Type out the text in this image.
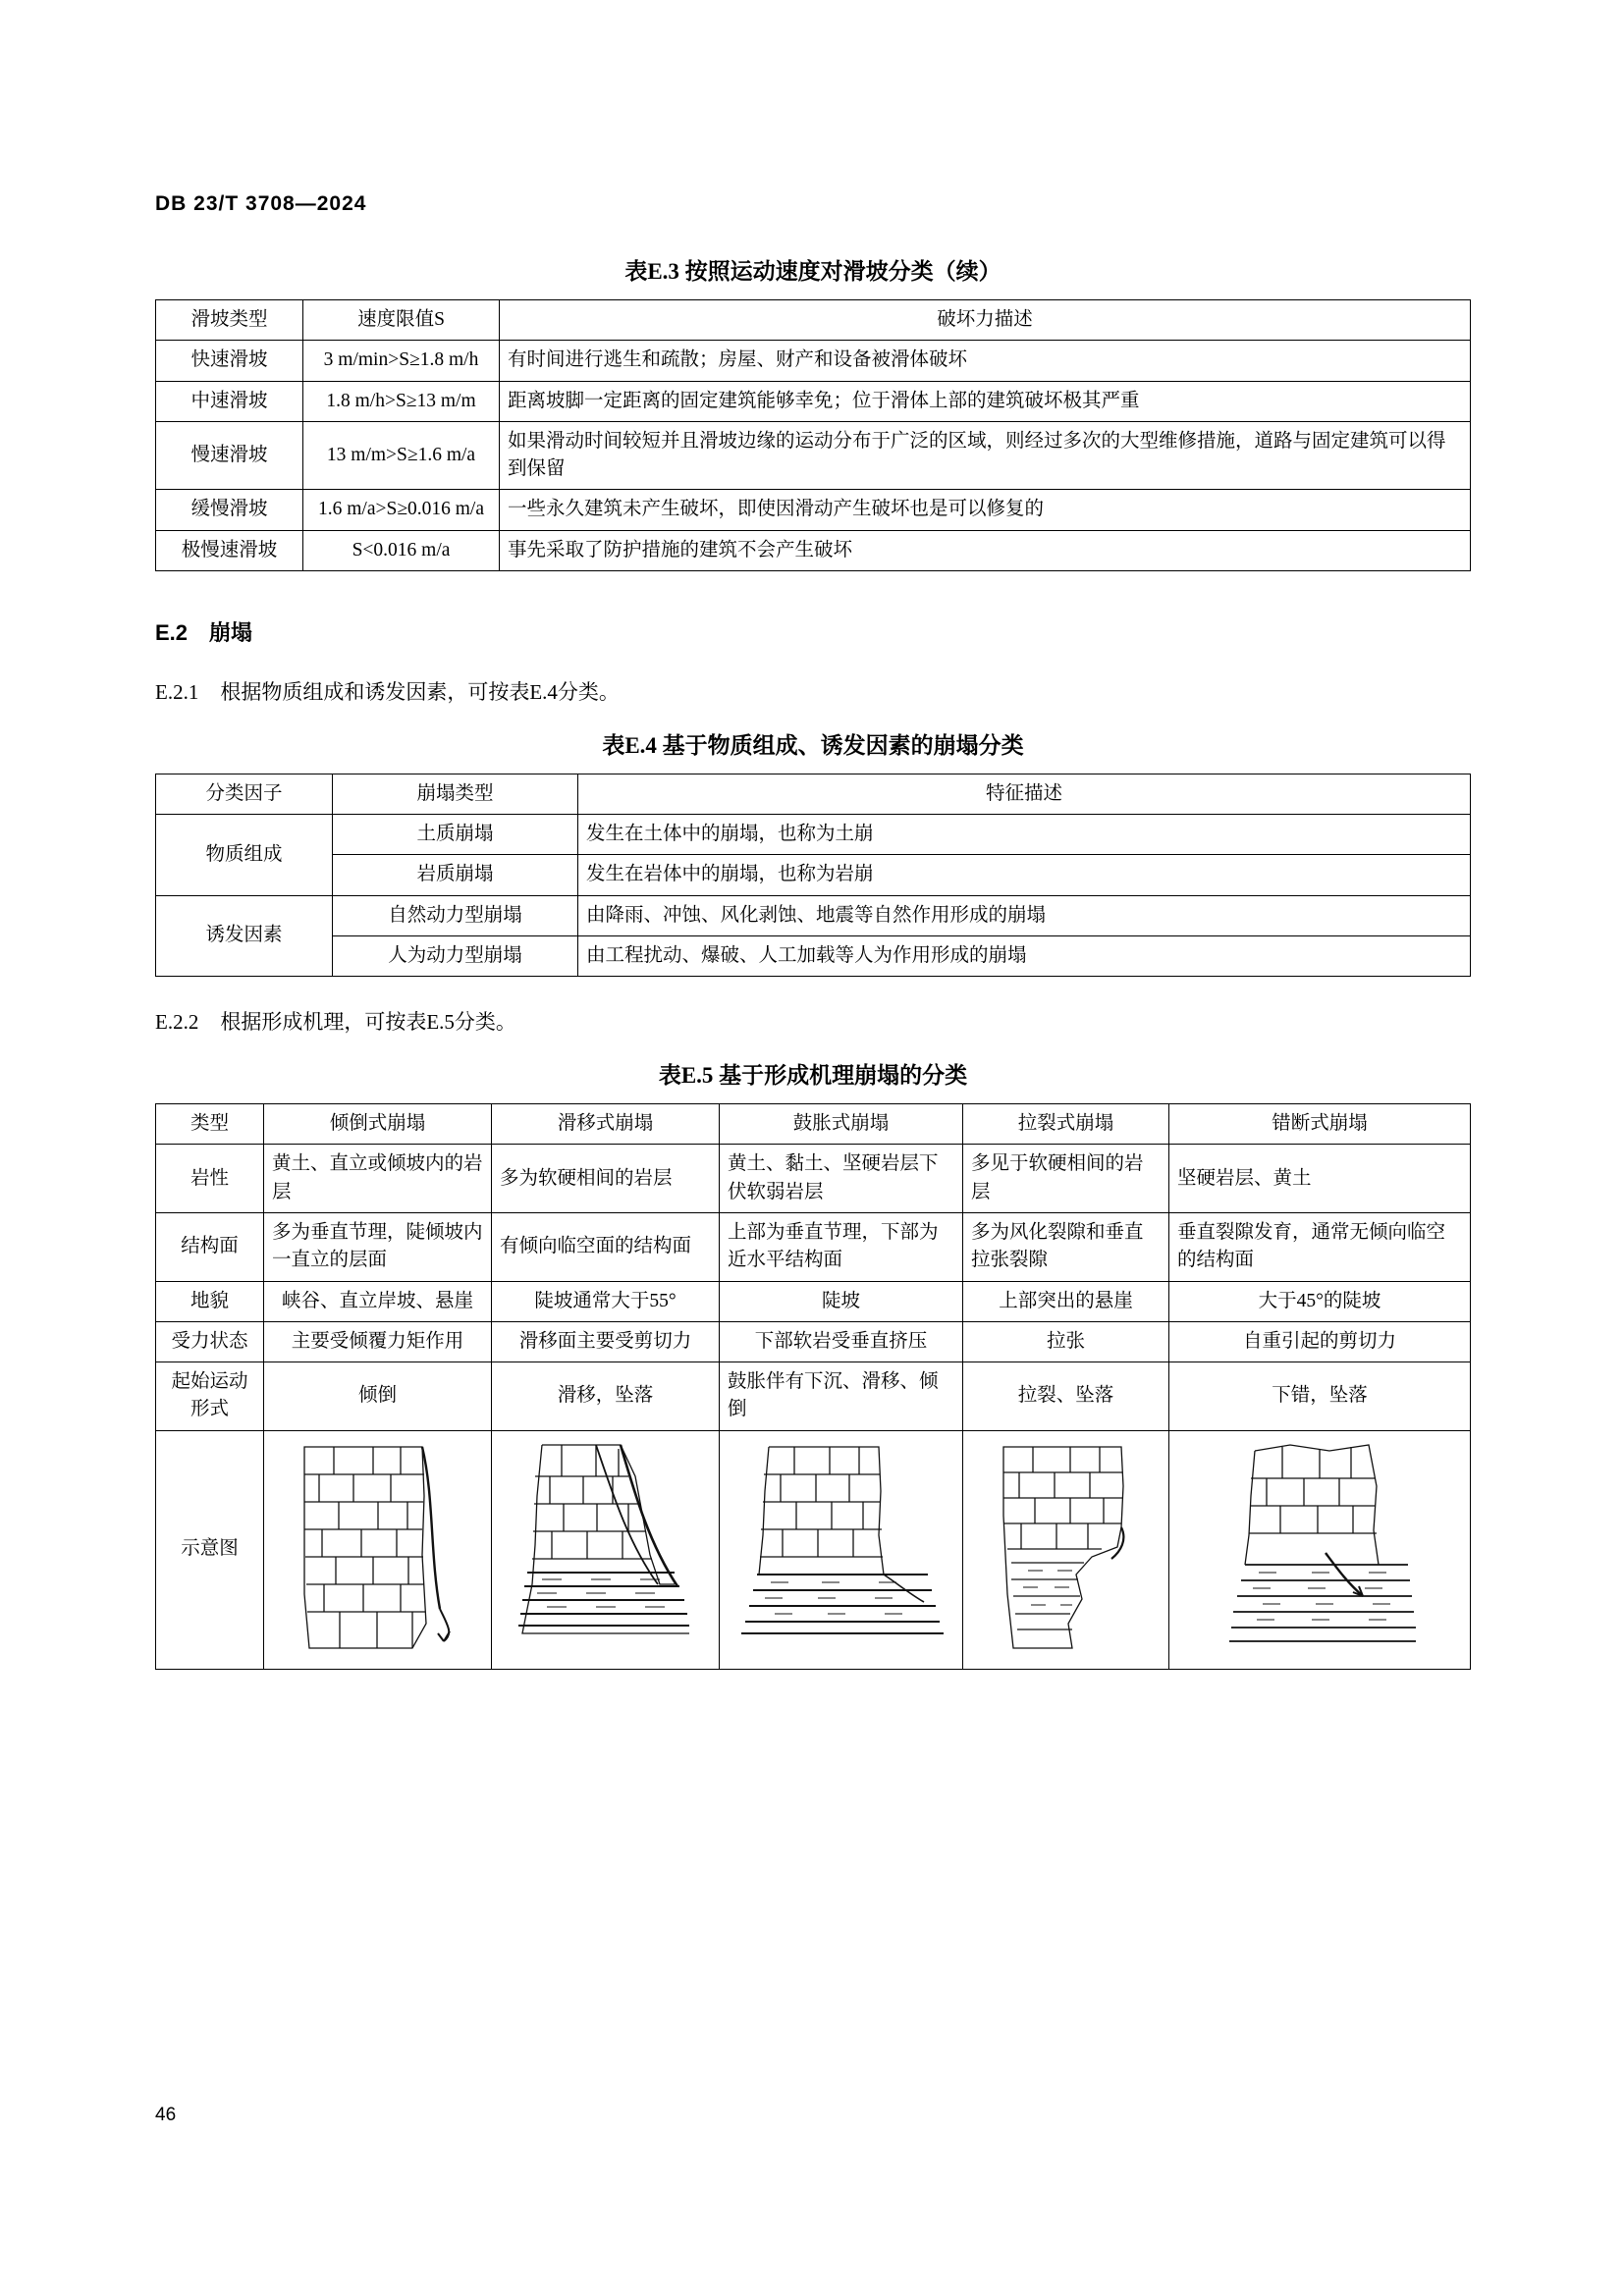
DB 23/T 3708—2024
表E.3 按照运动速度对滑坡分类（续）
滑坡类型	速度限值S	破坏力描述
快速滑坡	3 m/min>S≥1.8 m/h	有时间进行逃生和疏散；房屋、财产和设备被滑体破坏
中速滑坡	1.8 m/h>S≥13 m/m	距离坡脚一定距离的固定建筑能够幸免；位于滑体上部的建筑破坏极其严重
慢速滑坡	13 m/m>S≥1.6 m/a	如果滑动时间较短并且滑坡边缘的运动分布于广泛的区域，则经过多次的大型维修措施，道路与固定建筑可以得到保留
缓慢滑坡	1.6 m/a>S≥0.016 m/a	一些永久建筑未产生破坏，即使因滑动产生破坏也是可以修复的
极慢速滑坡	S<0.016 m/a	事先采取了防护措施的建筑不会产生破坏
E.2 崩塌
E.2.1 根据物质组成和诱发因素，可按表E.4分类。
表E.4 基于物质组成、诱发因素的崩塌分类
分类因子	崩塌类型	特征描述
物质组成	土质崩塌	发生在土体中的崩塌，也称为土崩
	岩质崩塌	发生在岩体中的崩塌，也称为岩崩
诱发因素	自然动力型崩塌	由降雨、冲蚀、风化剥蚀、地震等自然作用形成的崩塌
	人为动力型崩塌	由工程扰动、爆破、人工加载等人为作用形成的崩塌
E.2.2 根据形成机理，可按表E.5分类。
表E.5 基于形成机理崩塌的分类
类型	倾倒式崩塌	滑移式崩塌	鼓胀式崩塌	拉裂式崩塌	错断式崩塌
岩性	黄土、直立或倾坡内的岩层	多为软硬相间的岩层	黄土、黏土、坚硬岩层下伏软弱岩层	多见于软硬相间的岩层	坚硬岩层、黄土
结构面	多为垂直节理，陡倾坡内一直立的层面	有倾向临空面的结构面	上部为垂直节理，下部为近水平结构面	多为风化裂隙和垂直拉张裂隙	垂直裂隙发育，通常无倾向临空的结构面
地貌	峡谷、直立岸坡、悬崖	陡坡通常大于55°	陡坡	上部突出的悬崖	大于45°的陡坡
受力状态	主要受倾覆力矩作用	滑移面主要受剪切力	下部软岩受垂直挤压	拉张	自重引起的剪切力
起始运动形式	倾倒	滑移，坠落	鼓胀伴有下沉、滑移、倾倒	拉裂、坠落	下错，坠落
示意图	

46
